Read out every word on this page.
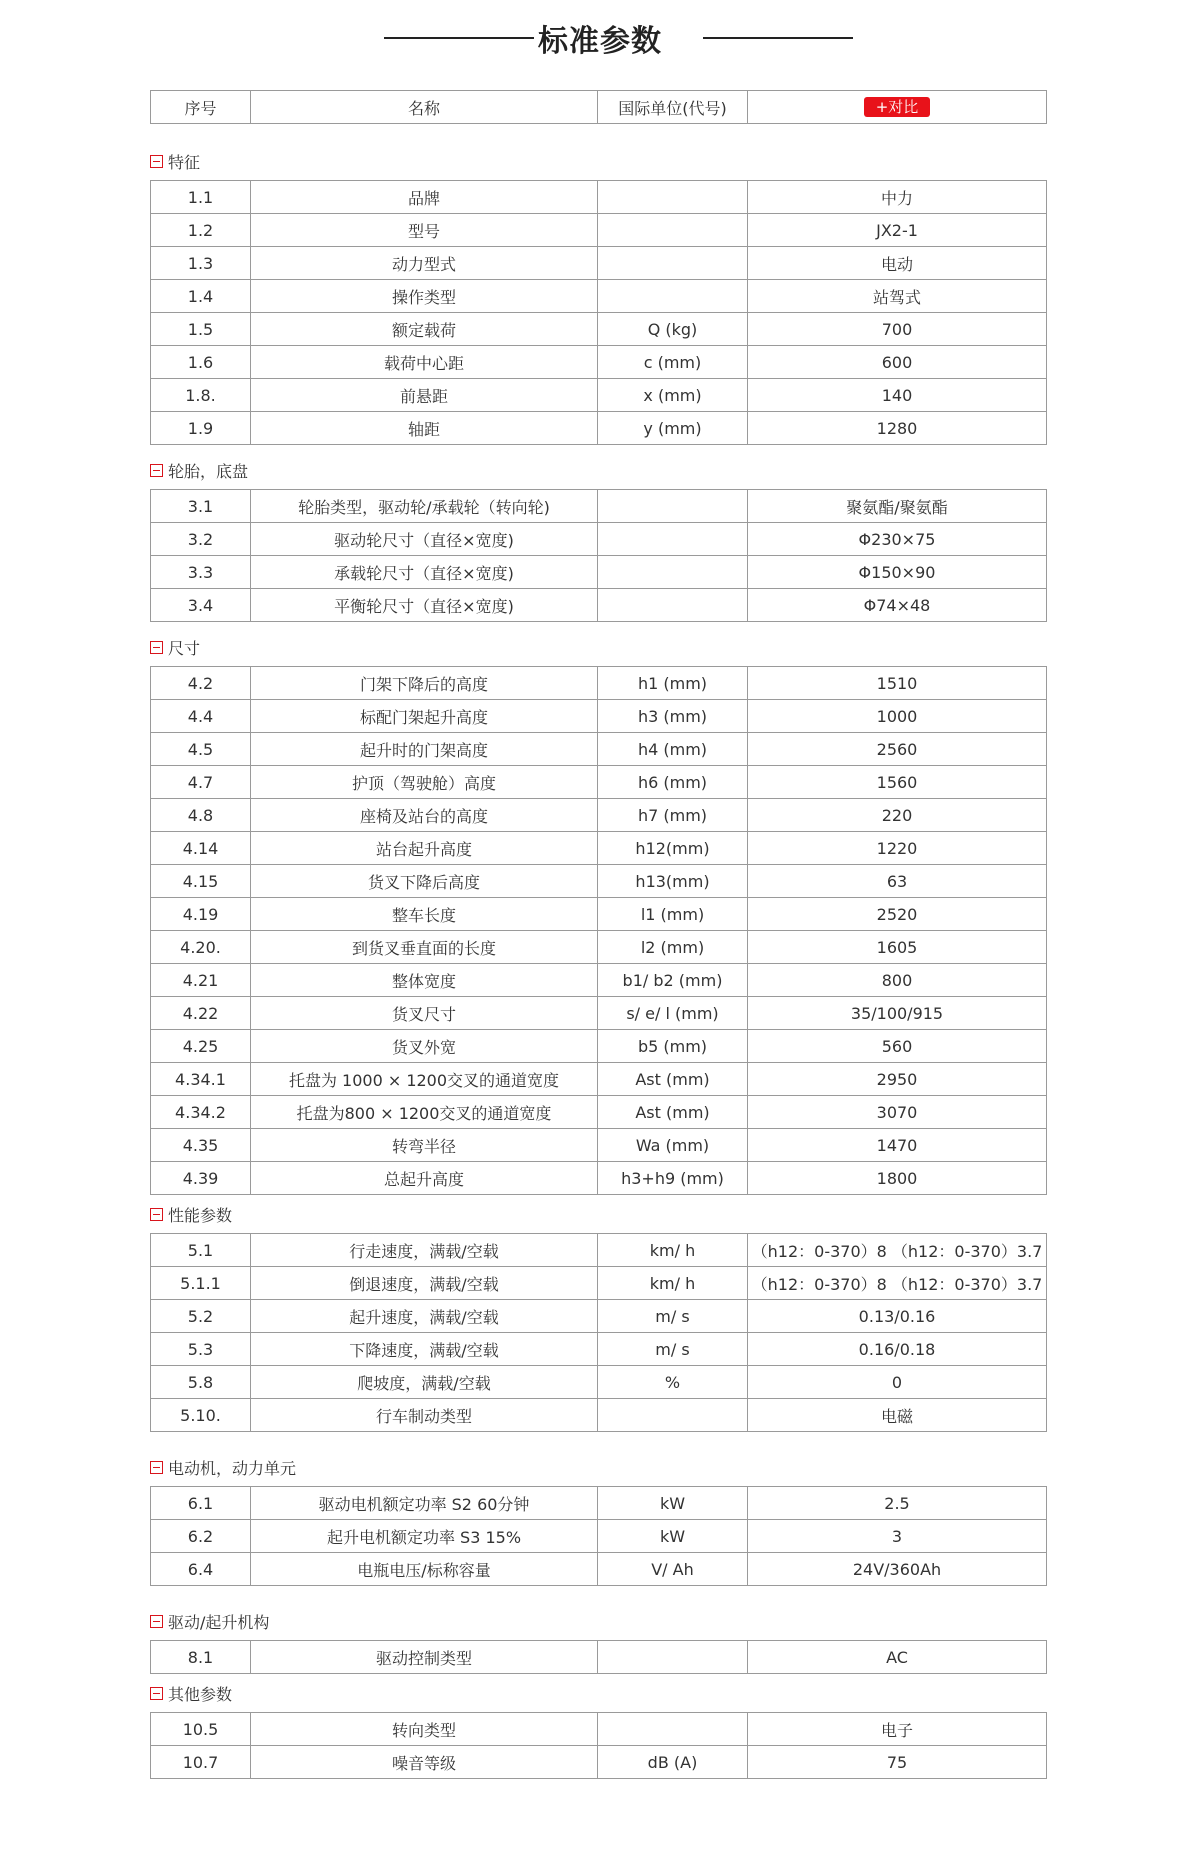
标准参数
序号	名称	国际单位(代号)	+对比
特征
1.1	品牌		中力
1.2	型号		JX2-1
1.3	动力型式		电动
1.4	操作类型		站驾式
1.5	额定载荷	Q (kg)	700
1.6	载荷中心距	c (mm)	600
1.8.	前悬距	x (mm)	140
1.9	轴距	y (mm)	1280
轮胎，底盘
3.1	轮胎类型，驱动轮/承载轮（转向轮)		聚氨酯/聚氨酯
3.2	驱动轮尺寸（直径×宽度)		Φ230×75
3.3	承载轮尺寸（直径×宽度)		Φ150×90
3.4	平衡轮尺寸（直径×宽度)		Φ74×48
尺寸
4.2	门架下降后的高度	h1 (mm)	1510
4.4	标配门架起升高度	h3 (mm)	1000
4.5	起升时的门架高度	h4 (mm)	2560
4.7	护顶（驾驶舱）高度	h6 (mm)	1560
4.8	座椅及站台的高度	h7 (mm)	220
4.14	站台起升高度	h12(mm)	1220
4.15	货叉下降后高度	h13(mm)	63
4.19	整车长度	l1 (mm)	2520
4.20.	到货叉垂直面的长度	l2 (mm)	1605
4.21	整体宽度	b1/ b2 (mm)	800
4.22	货叉尺寸	s/ e/ l (mm)	35/100/915
4.25	货叉外宽	b5 (mm)	560
4.34.1	托盘为 1000 × 1200交叉的通道宽度	Ast (mm)	2950
4.34.2	托盘为800 × 1200交叉的通道宽度	Ast (mm)	3070
4.35	转弯半径	Wa (mm)	1470
4.39	总起升高度	h3+h9 (mm)	1800
性能参数
5.1	行走速度，满载/空载	km/ h	（h12：0-370）8 （h12：0-370）3.7
5.1.1	倒退速度，满载/空载	km/ h	（h12：0-370）8 （h12：0-370）3.7
5.2	起升速度，满载/空载	m/ s	0.13/0.16
5.3	下降速度，满载/空载	m/ s	0.16/0.18
5.8	爬坡度，满载/空载	%	0
5.10.	行车制动类型		电磁
电动机，动力单元
6.1	驱动电机额定功率 S2 60分钟	kW	2.5
6.2	起升电机额定功率 S3 15%	kW	3
6.4	电瓶电压/标称容量	V/ Ah	24V/360Ah
驱动/起升机构
8.1	驱动控制类型		AC
其他参数
10.5	转向类型		电子
10.7	噪音等级	dB (A)	75
